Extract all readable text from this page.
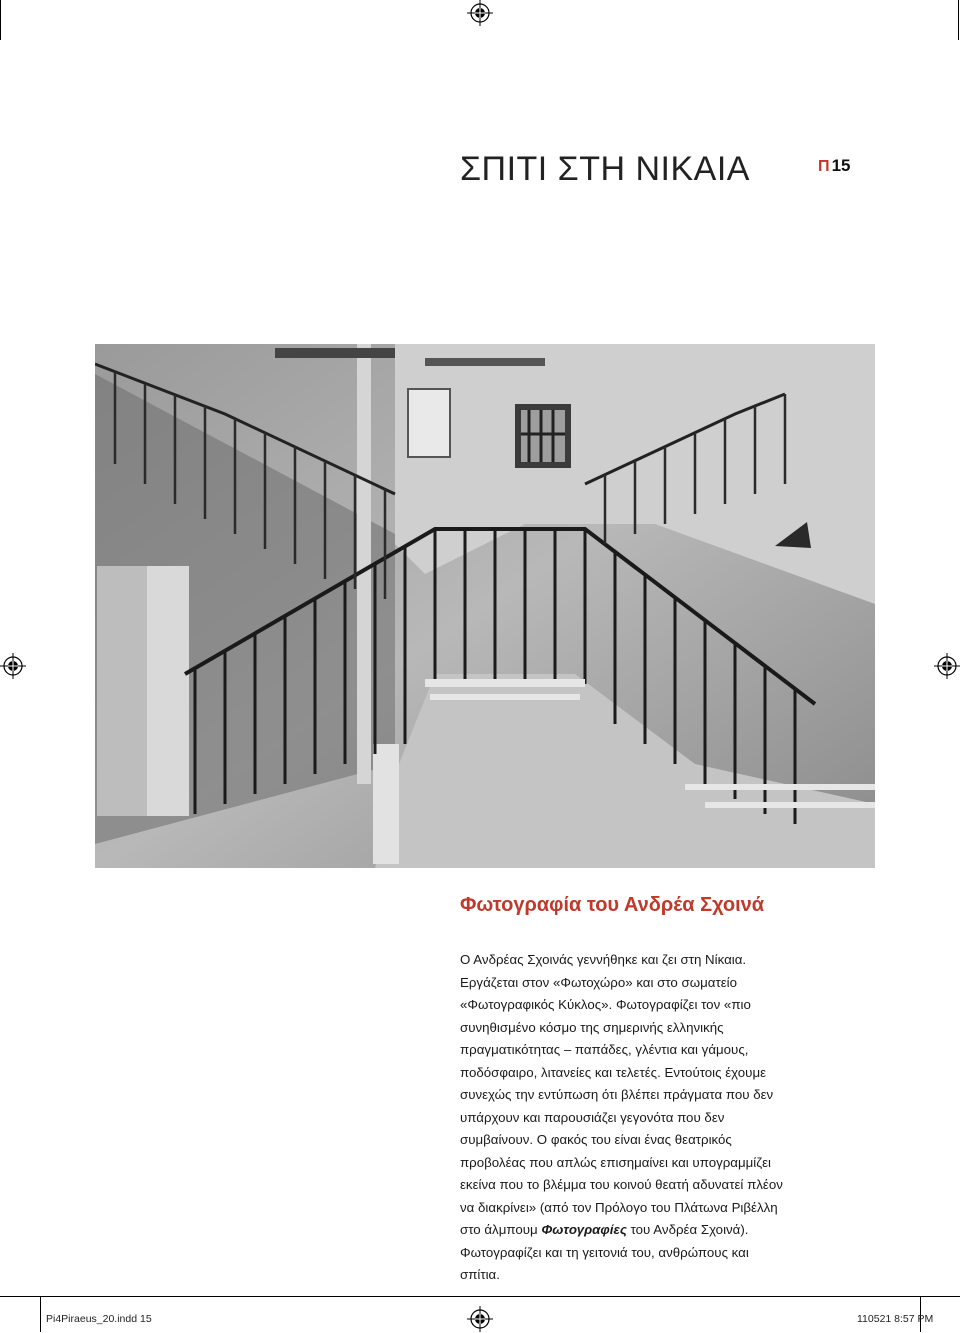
ΣΠΙΤΙ ΣΤΗ ΝΙΚΑΙΑ	Π 15
Φωτογραφία του Ανδρέα Σχοινά

Ο Ανδρέας Σχοινάς γεννήθηκε και ζει στη Νίκαια. Εργάζεται στον «Φωτοχώρο» και στο σωματείο «Φωτογραφικός Κύκλος». Φωτογραφίζει τον «πιο συνηθισμένο κόσμο της σημερινής ελληνικής πραγματικότητας – παπάδες, γλέντια και γάμους, ποδόσφαιρο, λιτανείες και τελετές. Εντούτοις έχουμε συνεχώς την εντύπωση ότι βλέπει πράγματα που δεν υπάρχουν και παρουσιάζει γεγονότα που δεν συμβαίνουν. Ο φακός του είναι ένας θεατρικός προβολέας που απλώς επισημαίνει και υπογραμμίζει εκείνα που το βλέμμα του κοινού θεατή αδυνατεί πλέον να διακρίνει» (από τον Πρόλογο του Πλάτωνα Ριβέλλη στο άλμπουμ Φωτογραφίες του Ανδρέα Σχοινά). Φωτογραφίζει και τη γειτονιά του, ανθρώπους και σπίτια.

Pi4Piraeus_20.indd 15	110521 8:57 PM
